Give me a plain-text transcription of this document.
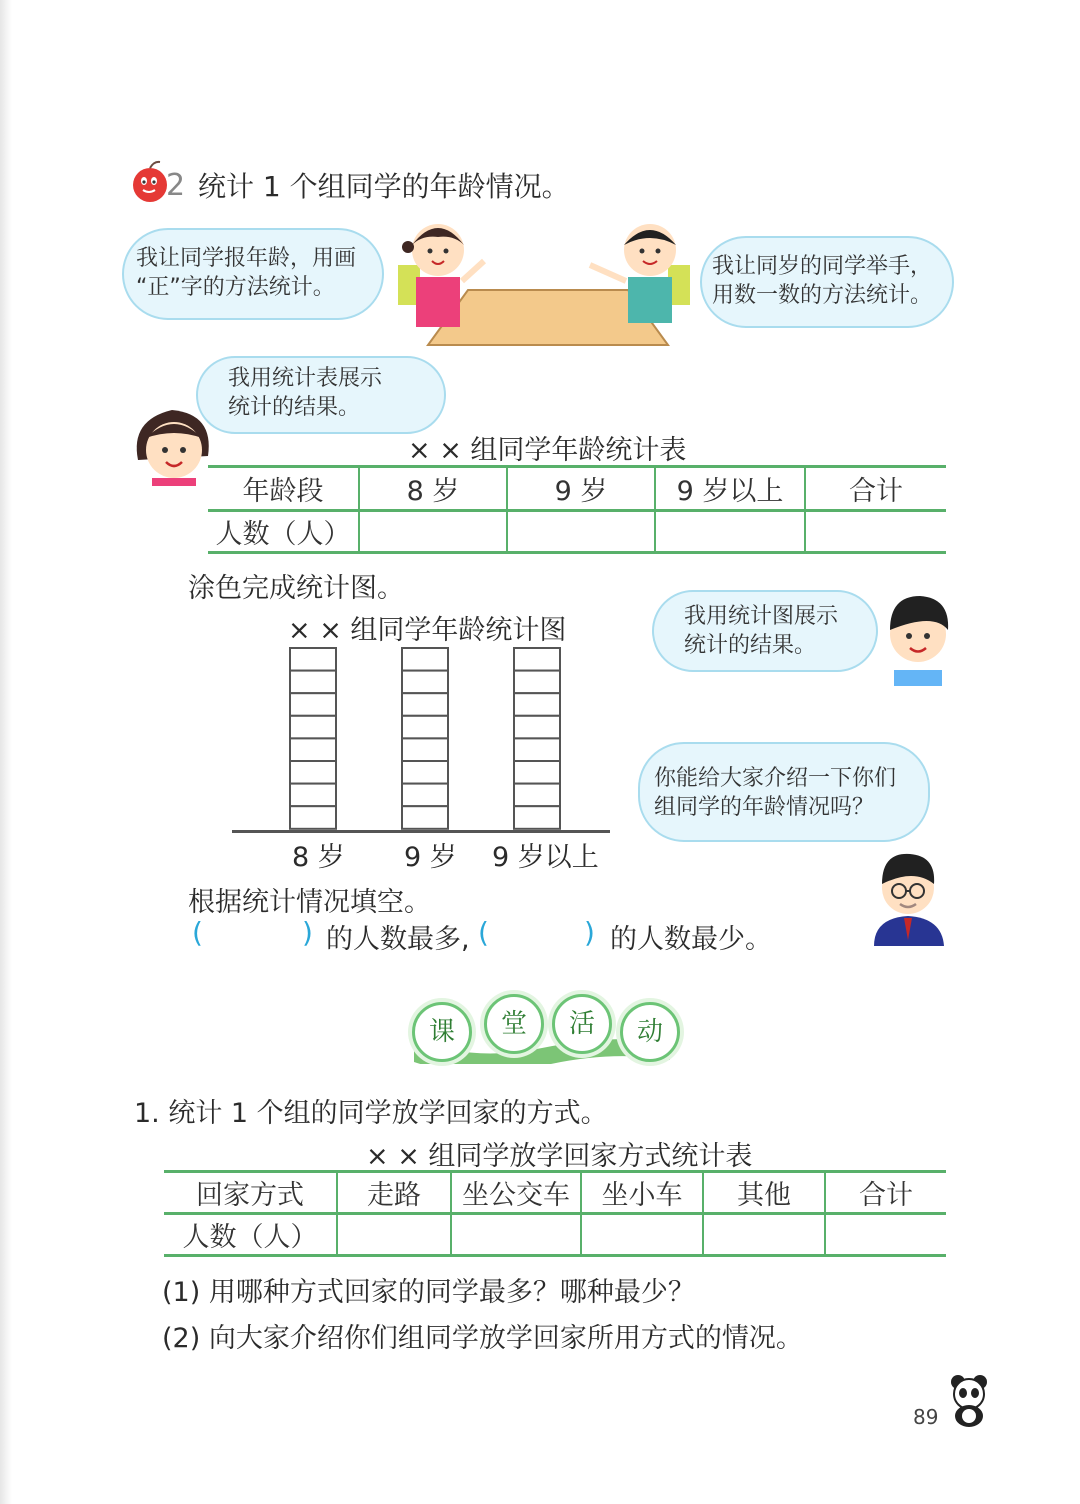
2 统计 1 个组同学的年龄情况。
我让同学报年龄，用画
“正”字的方法统计。
我让同岁的同学举手，
用数一数的方法统计。
我用统计表展示
统计的结果。
× × 组同学年龄统计表
年龄段	8 岁	9 岁	9 岁以上	合计
人数（人）				
涂色完成统计图。
× × 组同学年龄统计图
8 岁 9 岁 9 岁以上
我用统计图展示
统计的结果。
你能给大家介绍一下你们
组同学的年龄情况吗？
根据统计情况填空。
(	) 的人数最多, (	) 的人数最少。
课	堂	活	动
1. 统计 1 个组的同学放学回家的方式。
× × 组同学放学回家方式统计表
回家方式	走路	坐公交车	坐小车	其他	合计
人数（人）					
(1) 用哪种方式回家的同学最多？哪种最少？
(2) 向大家介绍你们组同学放学回家所用方式的情况。
89
